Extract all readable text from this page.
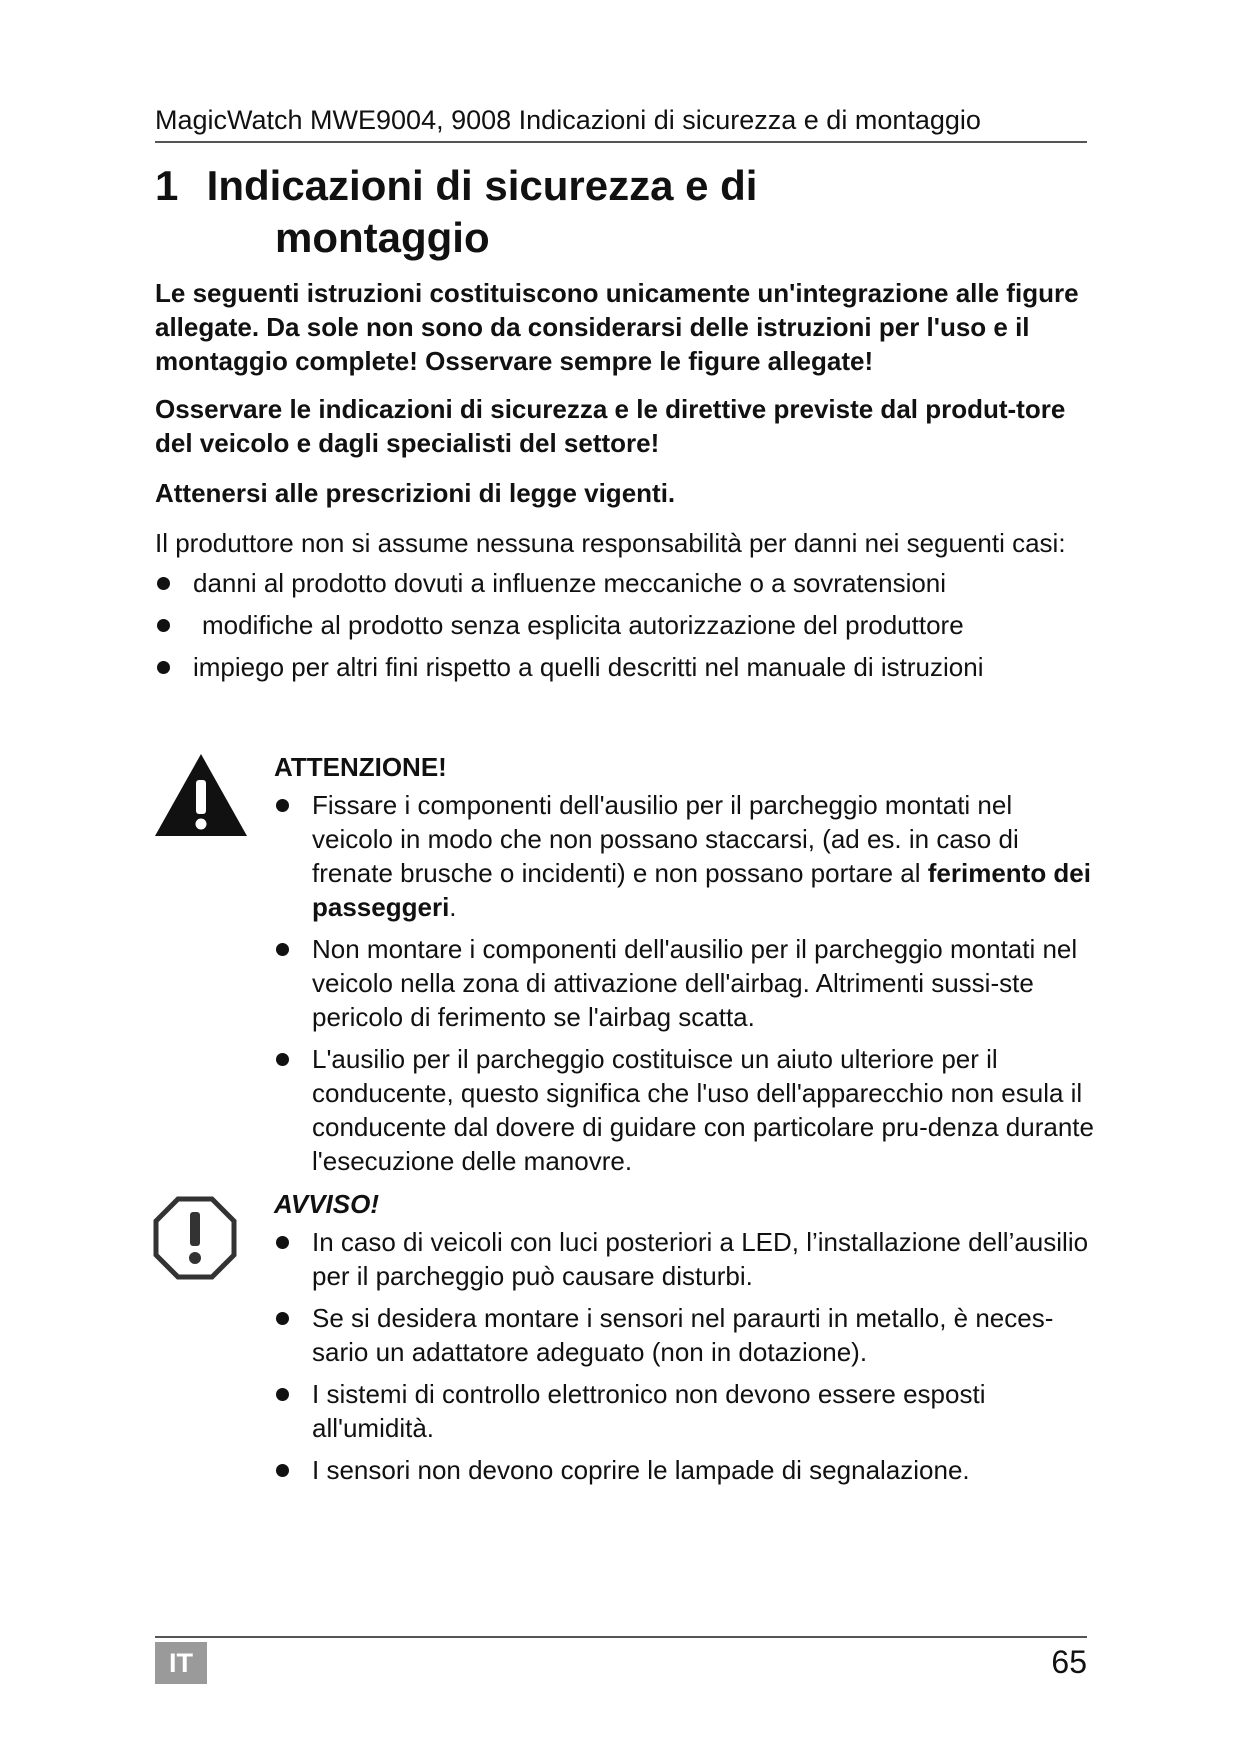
MagicWatch MWE9004, 9008 Indicazioni di sicurezza e di montaggio
1 Indicazioni di sicurezza e di
montaggio

Le seguenti istruzioni costituiscono unicamente un'integrazione alle figure allegate. Da sole non sono da considerarsi delle istruzioni per l'uso e il montaggio complete! Osservare sempre le figure allegate!

Osservare le indicazioni di sicurezza e le direttive previste dal produt-tore del veicolo e dagli specialisti del settore!

Attenersi alle prescrizioni di legge vigenti.

Il produttore non si assume nessuna responsabilità per danni nei seguenti casi:

danni al prodotto dovuti a influenze meccaniche o a sovratensioni
modifiche al prodotto senza esplicita autorizzazione del produttore
impiego per altri fini rispetto a quelli descritti nel manuale di istruzioni

ATTENZIONE!

Fissare i componenti dell'ausilio per il parcheggio montati nel veicolo in modo che non possano staccarsi, (ad es. in caso di frenate brusche o incidenti) e non possano portare al ferimento dei passeggeri.
Non montare i componenti dell'ausilio per il parcheggio montati nel veicolo nella zona di attivazione dell'airbag. Altrimenti sussi-ste pericolo di ferimento se l'airbag scatta.
L'ausilio per il parcheggio costituisce un aiuto ulteriore per il conducente, questo significa che l'uso dell'apparecchio non esula il conducente dal dovere di guidare con particolare pru-denza durante l'esecuzione delle manovre.

AVVISO!

In caso di veicoli con luci posteriori a LED, l’installazione dell’ausilio per il parcheggio può causare disturbi.
Se si desidera montare i sensori nel paraurti in metallo, è neces-sario un adattatore adeguato (non in dotazione).
I sistemi di controllo elettronico non devono essere esposti all'umidità.
I sensori non devono coprire le lampade di segnalazione.
IT	65
